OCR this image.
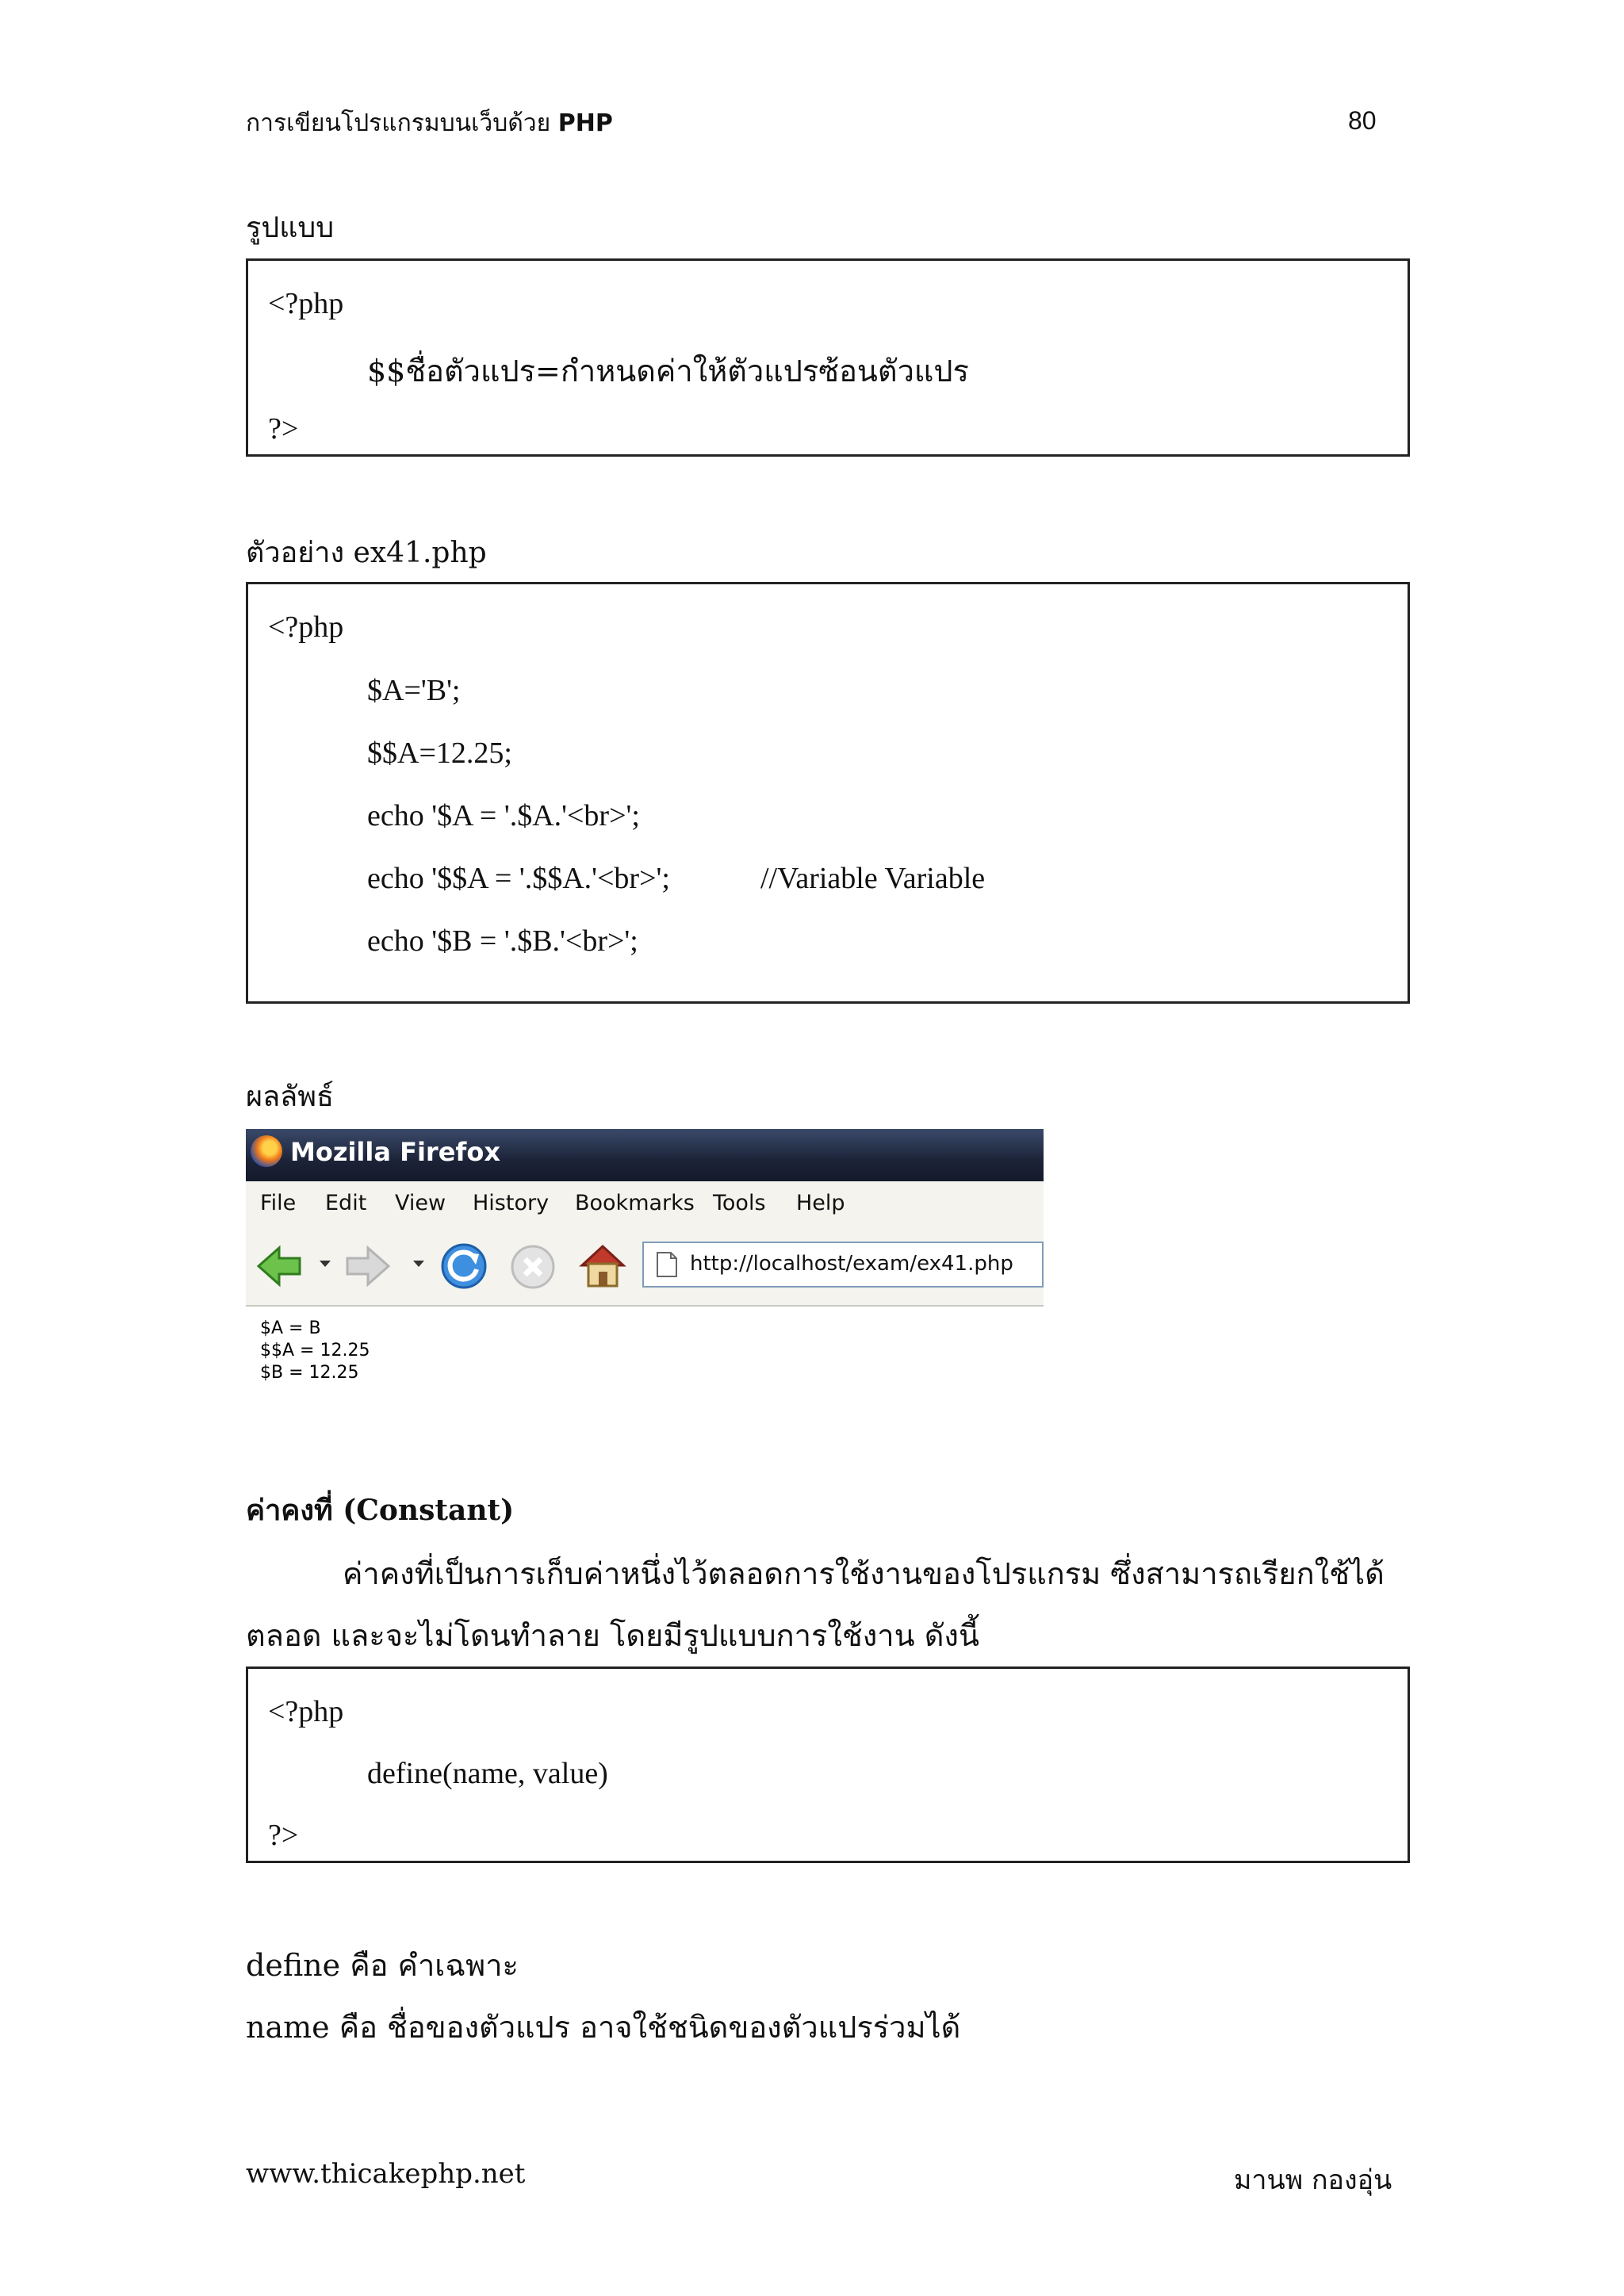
การเขียนโปรแกรมบนเว็บด้วย PHP	80
รูปแบบ
<?php
$$ชื่อตัวแปร=กำหนดค่าให้ตัวแปรซ้อนตัวแปร
?>
ตัวอย่าง ex41.php
<?php
$A='B';
$$A=12.25;
echo '$A = '.$A.'<br>';
echo '$$A = '.$$A.'<br>';	//Variable Variable
echo '$B = '.$B.'<br>';
ผลลัพธ์
Mozilla Firefox
File Edit View History Bookmarks Tools Help
http://localhost/exam/ex41.php
$A = B
$$A = 12.25
$B = 12.25
ค่าคงที่ (Constant)
ค่าคงที่เป็นการเก็บค่าหนึ่งไว้ตลอดการใช้งานของโปรแกรม ซึ่งสามารถเรียกใช้ได้
ตลอด และจะไม่โดนทำลาย โดยมีรูปแบบการใช้งาน ดังนี้
<?php
define(name, value)
?>
define คือ คำเฉพาะ
name คือ ชื่อของตัวแปร อาจใช้ชนิดของตัวแปรร่วมได้
www.thicakephp.net	มานพ กองอุ่น
